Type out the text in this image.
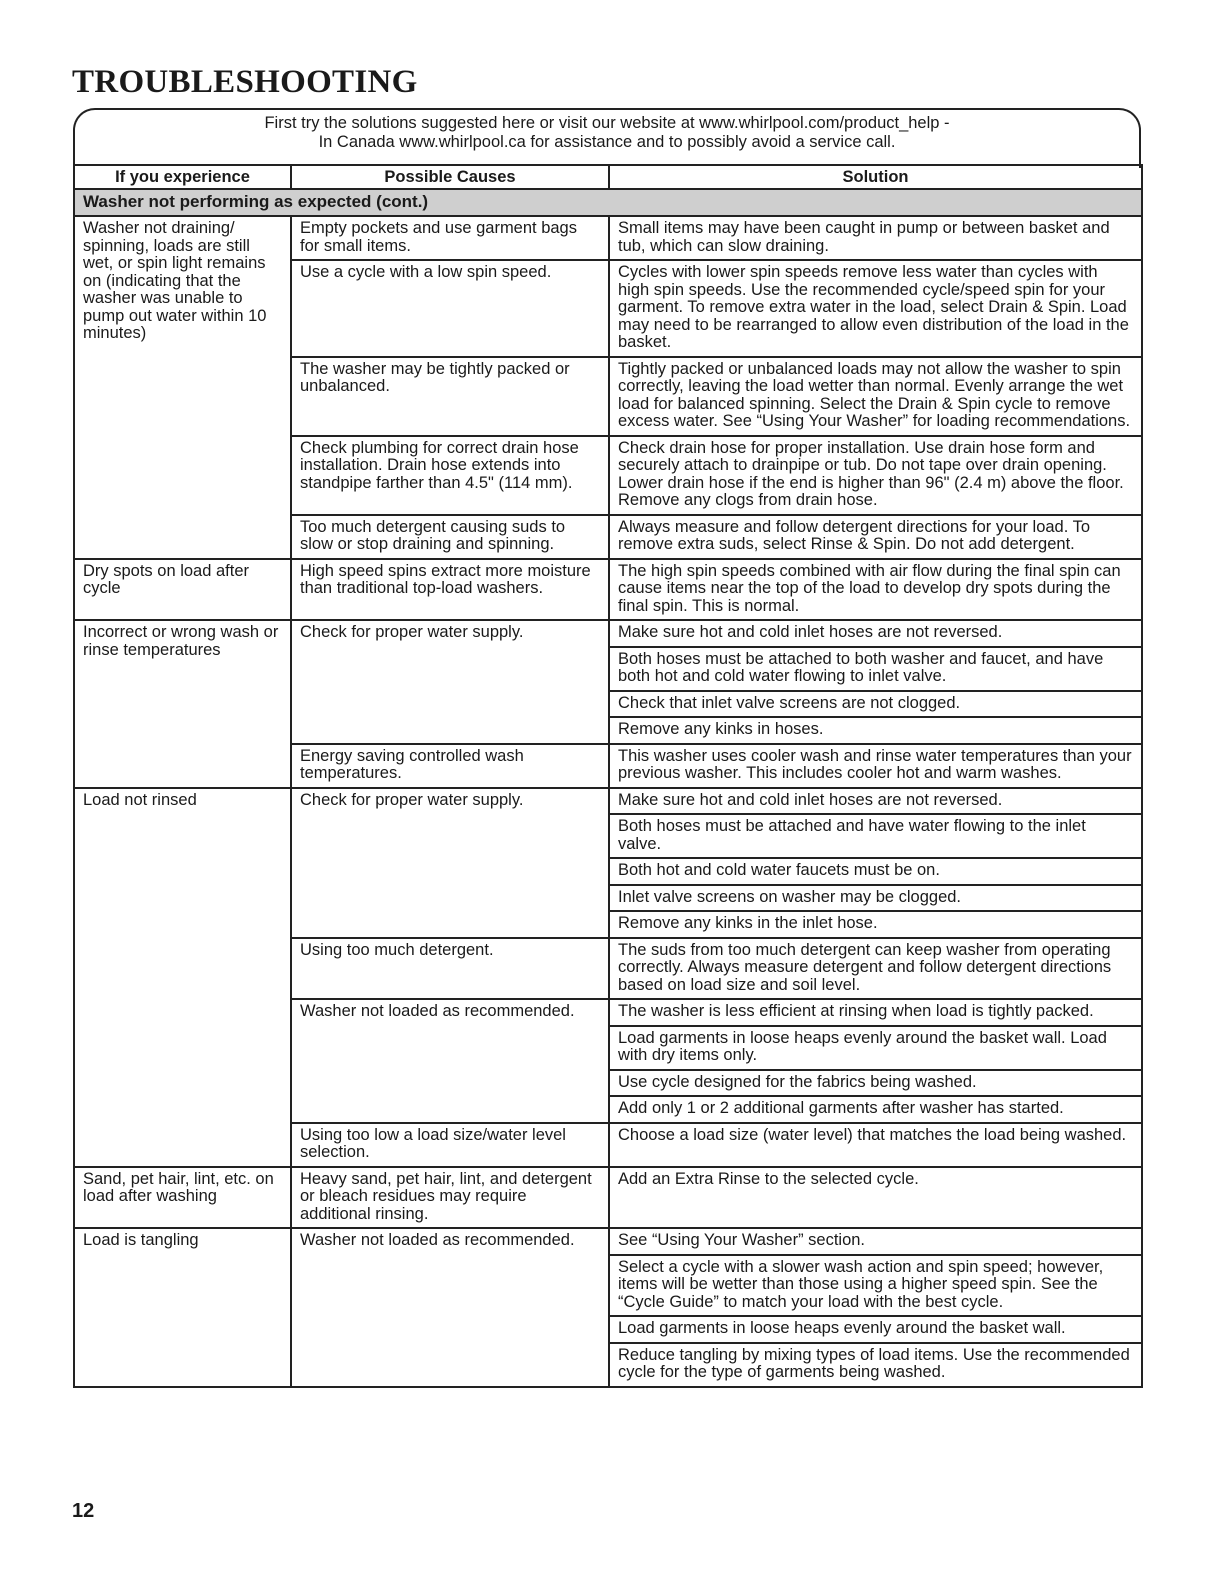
TROUBLESHOOTING
First try the solutions suggested here or visit our website at www.whirlpool.com/product_help -
In Canada www.whirlpool.ca for assistance and to possibly avoid a service call.
If you experience	Possible Causes	Solution
Washer not performing as expected (cont.)		
Washer not draining/ spinning, loads are still wet, or spin light remains on (indicating that the washer was unable to pump out water within 10 minutes)	Empty pockets and use garment bags for small items.	Small items may have been caught in pump or between basket and tub, which can slow draining.

	Use a cycle with a low spin speed.	Cycles with lower spin speeds remove less water than cycles with high spin speeds. Use the recommended cycle/speed spin for your garment. To remove extra water in the load, select Drain & Spin. Load may need to be rearranged to allow even distribution of the load in the basket.

	The washer may be tightly packed or unbalanced.	Tightly packed or unbalanced loads may not allow the washer to spin correctly, leaving the load wetter than normal. Evenly arrange the wet load for balanced spinning. Select the Drain & Spin cycle to remove excess water. See “Using Your Washer” for loading recommendations.

	Check plumbing for correct drain hose installation. Drain hose extends into standpipe farther than 4.5" (114 mm).	Check drain hose for proper installation. Use drain hose form and securely attach to drainpipe or tub. Do not tape over drain opening. Lower drain hose if the end is higher than 96" (2.4 m) above the floor. Remove any clogs from drain hose.

	Too much detergent causing suds to slow or stop draining and spinning.	Always measure and follow detergent directions for your load. To remove extra suds, select Rinse & Spin. Do not add detergent.

Dry spots on load after cycle	High speed spins extract more moisture than traditional top-load washers.	The high spin speeds combined with air flow during the final spin can cause items near the top of the load to develop dry spots during the final spin. This is normal.

Incorrect or wrong wash or rinse temperatures	Check for proper water supply.	Make sure hot and cold inlet hoses are not reversed.
Both hoses must be attached to both washer and faucet, and have both hot and cold water flowing to inlet valve.
Check that inlet valve screens are not clogged.
Remove any kinks in hoses.

	Energy saving controlled wash temperatures.	This washer uses cooler wash and rinse water temperatures than your previous washer. This includes cooler hot and warm washes.

Load not rinsed	Check for proper water supply.	Make sure hot and cold inlet hoses are not reversed.
Both hoses must be attached and have water flowing to the inlet valve.
Both hot and cold water faucets must be on.
Inlet valve screens on washer may be clogged.
Remove any kinks in the inlet hose.

	Using too much detergent.	The suds from too much detergent can keep washer from operating correctly. Always measure detergent and follow detergent directions based on load size and soil level.

	Washer not loaded as recommended.	The washer is less efficient at rinsing when load is tightly packed.
Load garments in loose heaps evenly around the basket wall. Load with dry items only.
Use cycle designed for the fabrics being washed.
Add only 1 or 2 additional garments after washer has started.

	Using too low a load size/water level selection.	Choose a load size (water level) that matches the load being washed.

Sand, pet hair, lint, etc. on load after washing	Heavy sand, pet hair, lint, and detergent or bleach residues may require additional rinsing.	Add an Extra Rinse to the selected cycle.

Load is tangling	Washer not loaded as recommended.	See “Using Your Washer” section.
Select a cycle with a slower wash action and spin speed; however, items will be wetter than those using a higher speed spin. See the “Cycle Guide” to match your load with the best cycle.
Load garments in loose heaps evenly around the basket wall.
Reduce tangling by mixing types of load items. Use the recommended cycle for the type of garments being washed.
12
